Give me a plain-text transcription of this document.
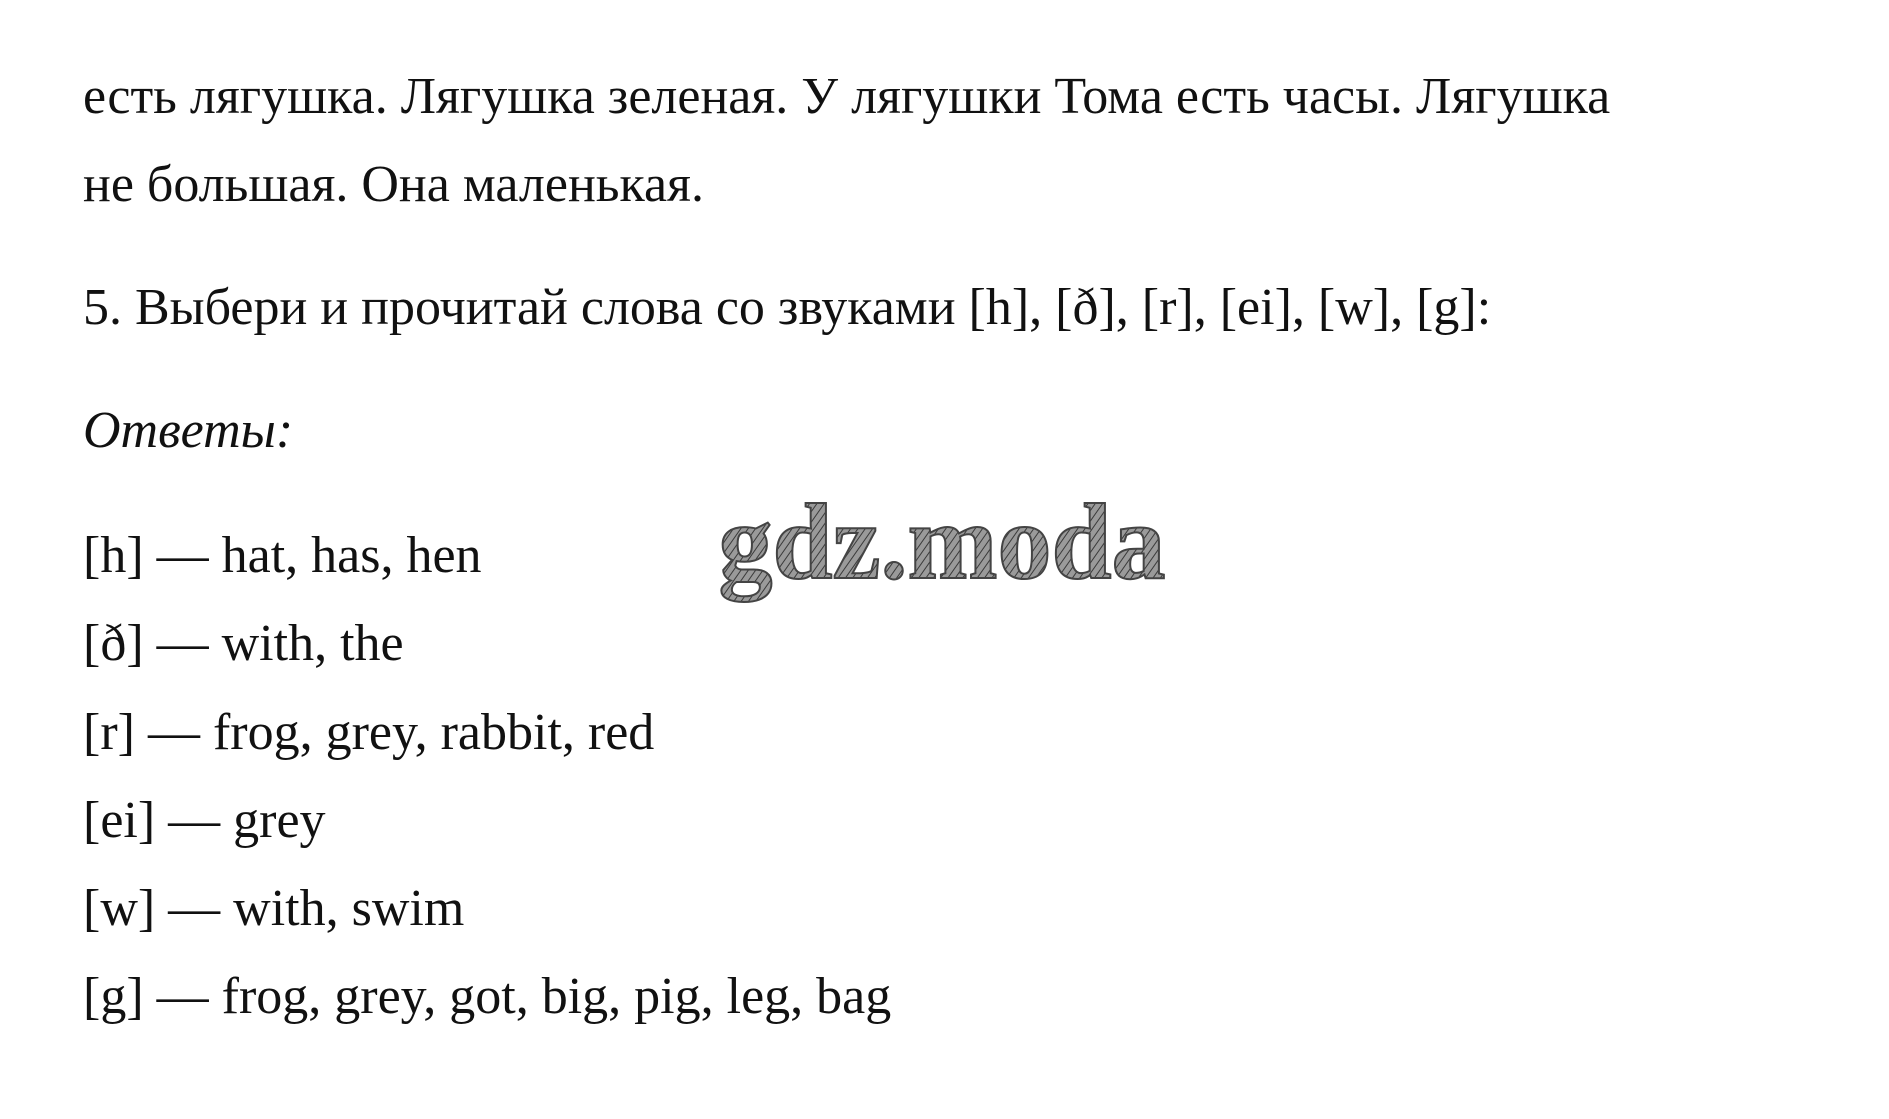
есть лягушка. Лягушка зеленая. У лягушки Тома есть часы. Лягушка
не большая. Она маленькая.
5. Выбери и прочитай слова со звуками [h], [ð], [r], [ei], [w], [g]:
Ответы:
[h] — hat, has, hen
[ð] — with, the
[r] — frog, grey, rabbit, red
[ei] — grey
[w] — with, swim
[g] — frog, grey, got, big, pig, leg, bag
gdz.moda
